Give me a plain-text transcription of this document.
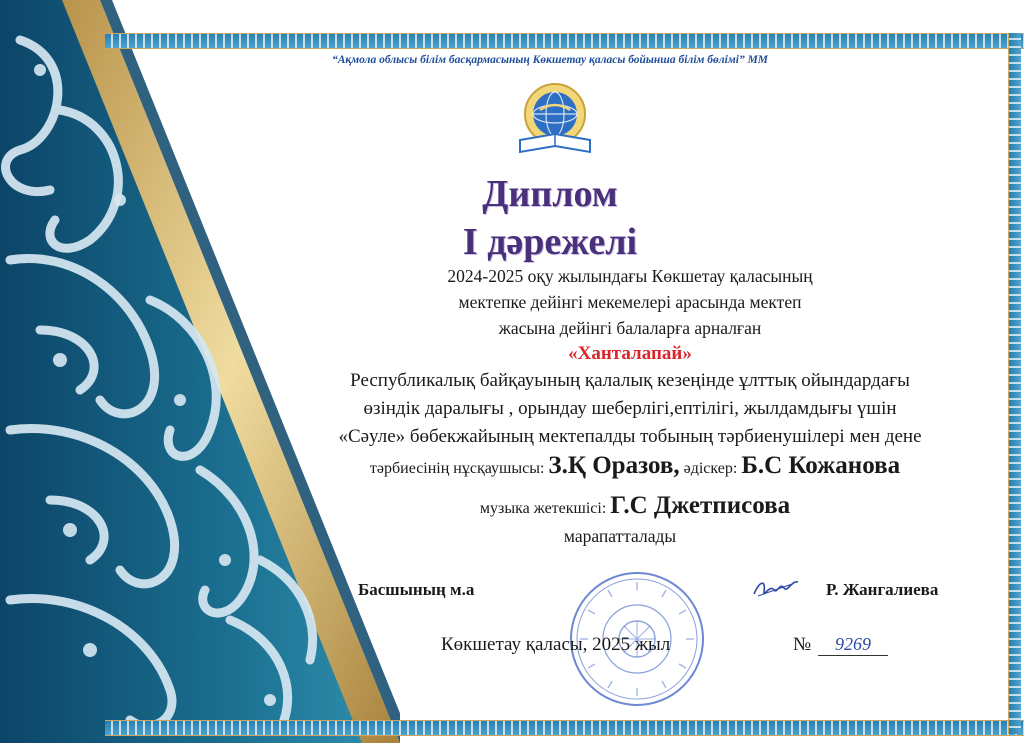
“Ақмола облысы білім басқармасының Көкшетау қаласы бойынша білім бөлімі” ММ
Диплом
І дәрежелі
2024-2025 оқу жылындағы Көкшетау қаласының
мектепке дейінгі мекемелері арасында мектеп
жасына дейінгі балаларға арналған
«Ханталапай»
Республикалық байқауының қалалық кезеңінде ұлттық ойындардағы
өзіндік даралығы , орындау шеберлігі,ептілігі, жылдамдығы үшін
«Сәуле» бөбекжайының мектепалды тобының тәрбиенушілері мен дене
тәрбиесінің нұсқаушысы: З.Қ Оразов, әдіскер: Б.С Кожанова
музыка жетекшісі: Г.С Джетписова
марапатталады
Басшының м.а	Р. Жангалиева
Көкшетау қаласы, 2025 жыл	№	9269
